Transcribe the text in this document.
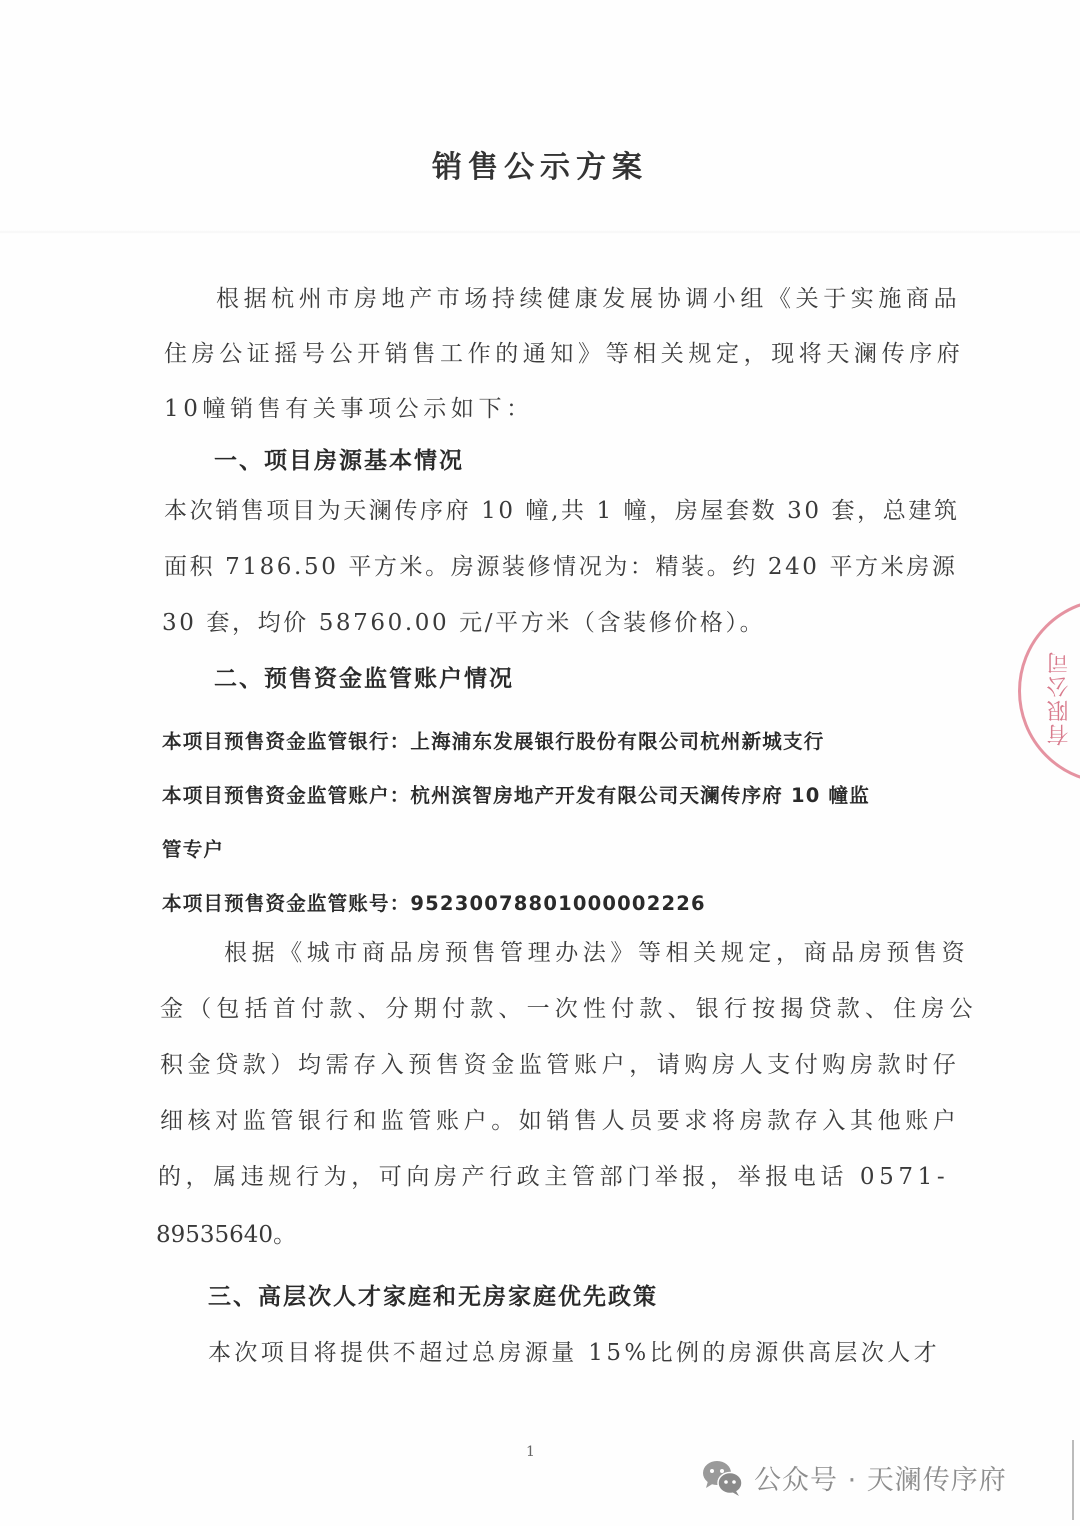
销售公示方案
根据杭州市房地产市场持续健康发展协调小组《关于实施商品
住房公证摇号公开销售工作的通知》等相关规定，现将天澜传序府
10幢销售有关事项公示如下：
一、项目房源基本情况
本次销售项目为天澜传序府 10 幢,共 1 幢，房屋套数 30 套，总建筑
面积 7186.50 平方米。房源装修情况为：精装。约 240 平方米房源
30 套，均价 58760.00 元/平方米（含装修价格）。
二、预售资金监管账户情况
本项目预售资金监管银行：上海浦东发展银行股份有限公司杭州新城支行
本项目预售资金监管账户：杭州滨智房地产开发有限公司天澜传序府 10 幢监
管专户
本项目预售资金监管账号：95230078801000002226
根据《城市商品房预售管理办法》等相关规定，商品房预售资
金（包括首付款、分期付款、一次性付款、银行按揭贷款、住房公
积金贷款）均需存入预售资金监管账户，请购房人支付购房款时仔
细核对监管银行和监管账户。如销售人员要求将房款存入其他账户
的，属违规行为，可向房产行政主管部门举报，举报电话 0571-
89535640。
三、高层次人才家庭和无房家庭优先政策
本次项目将提供不超过总房源量 15%比例的房源供高层次人才
有限公司
1
公众号 · 天澜传序府
